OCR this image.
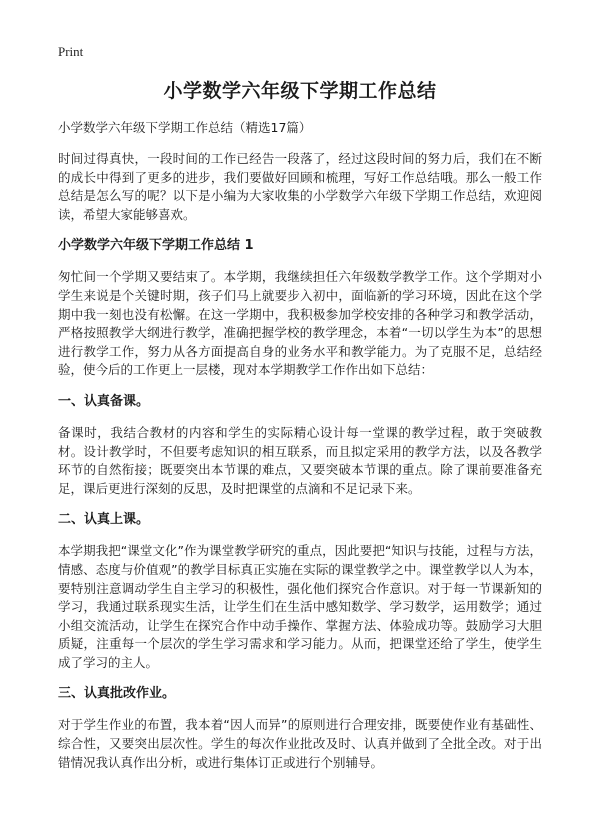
Print
小学数学六年级下学期工作总结
小学数学六年级下学期工作总结（精选17篇）

时间过得真快，一段时间的工作已经告一段落了，经过这段时间的努力后，我们在不断的成长中得到了更多的进步，我们要做好回顾和梳理，写好工作总结哦。那么一般工作总结是怎么写的呢？以下是小编为大家收集的小学数学六年级下学期工作总结，欢迎阅读，希望大家能够喜欢。

小学数学六年级下学期工作总结 1

匆忙间一个学期又要结束了。本学期，我继续担任六年级数学教学工作。这个学期对小学生来说是个关键时期，孩子们马上就要步入初中，面临新的学习环境，因此在这个学期中我一刻也没有松懈。在这一学期中，我积极参加学校安排的各种学习和教学活动，严格按照教学大纲进行教学，准确把握学校的教学理念，本着“一切以学生为本”的思想进行教学工作，努力从各方面提高自身的业务水平和教学能力。为了克服不足，总结经验，使今后的工作更上一层楼，现对本学期教学工作作出如下总结：

一、认真备课。

备课时，我结合教材的内容和学生的实际精心设计每一堂课的教学过程，敢于突破教材。设计教学时，不但要考虑知识的相互联系，而且拟定采用的教学方法，以及各教学环节的自然衔接；既要突出本节课的难点，又要突破本节课的重点。除了课前要准备充足，课后更进行深刻的反思，及时把课堂的点滴和不足记录下来。

二、认真上课。

本学期我把“课堂文化”作为课堂教学研究的重点，因此要把“知识与技能，过程与方法，情感、态度与价值观”的教学目标真正实施在实际的课堂教学之中。课堂教学以人为本，要特别注意调动学生自主学习的积极性，强化他们探究合作意识。对于每一节课新知的学习，我通过联系现实生活，让学生们在生活中感知数学、学习数学，运用数学；通过小组交流活动，让学生在探究合作中动手操作、掌握方法、体验成功等。鼓励学习大胆质疑，注重每一个层次的学生学习需求和学习能力。从而，把课堂还给了学生，使学生成了学习的主人。

三、认真批改作业。

对于学生作业的布置，我本着“因人而异”的原则进行合理安排，既要使作业有基础性、综合性，又要突出层次性。学生的每次作业批改及时、认真并做到了全批全改。对于出错情况我认真作出分析，或进行集体订正或进行个别辅导。
